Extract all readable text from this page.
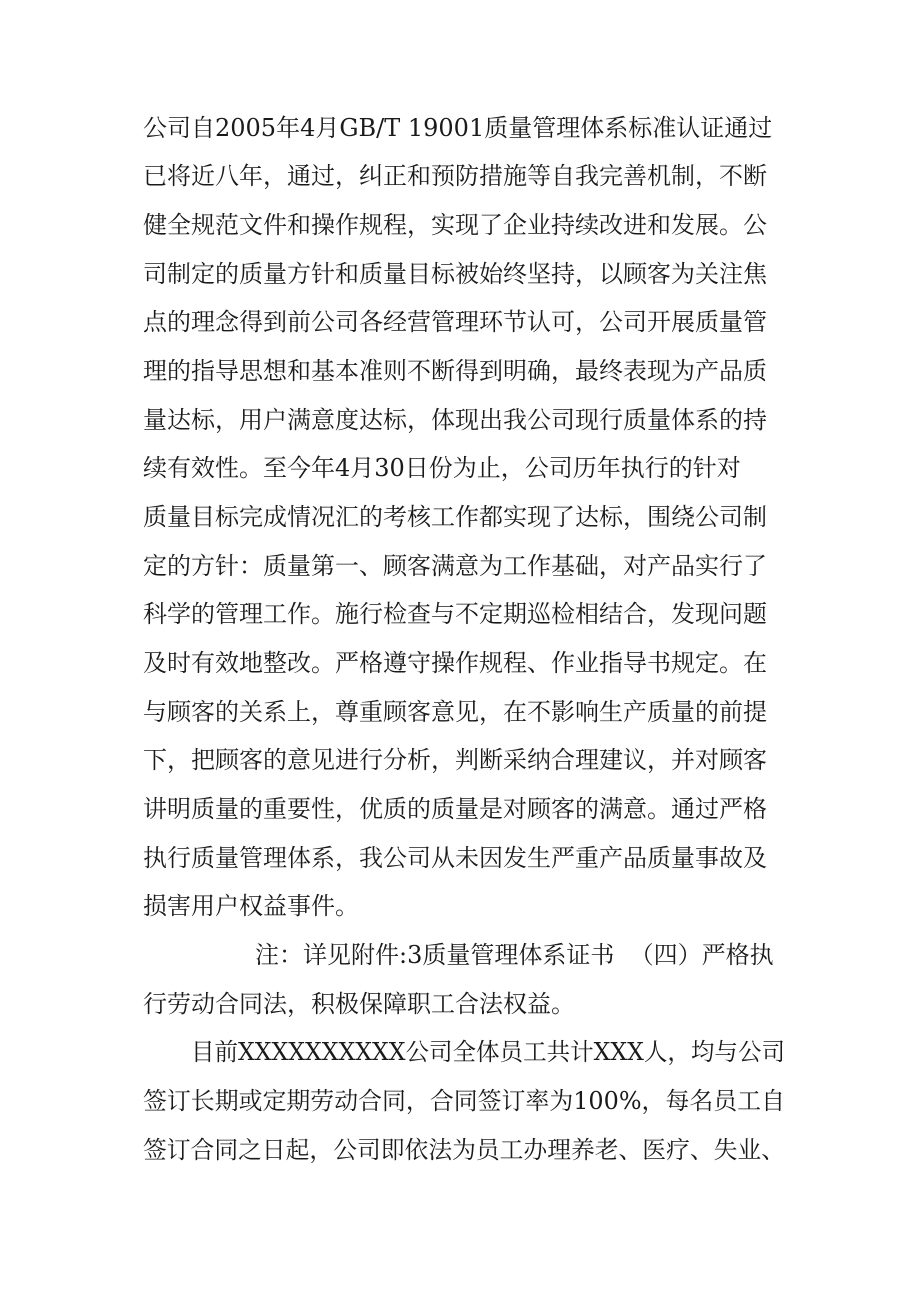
公司自2005年4月GB/T 19001质量管理体系标准认证通过
已将近八年，通过，纠正和预防措施等自我完善机制，不断
健全规范文件和操作规程，实现了企业持续改进和发展。公
司制定的质量方针和质量目标被始终坚持，以顾客为关注焦
点的理念得到前公司各经营管理环节认可，公司开展质量管
理的指导思想和基本准则不断得到明确，最终表现为产品质
量达标，用户满意度达标，体现出我公司现行质量体系的持
续有效性。至今年4月30日份为止，公司历年执行的针对
质量目标完成情况汇的考核工作都实现了达标，围绕公司制
定的方针：质量第一、顾客满意为工作基础，对产品实行了
科学的管理工作。施行检查与不定期巡检相结合，发现问题
及时有效地整改。严格遵守操作规程、作业指导书规定。在
与顾客的关系上，尊重顾客意见，在不影响生产质量的前提
下，把顾客的意见进行分析，判断采纳合理建议，并对顾客
讲明质量的重要性，优质的质量是对顾客的满意。通过严格
执行质量管理体系，我公司从未因发生严重产品质量事故及
损害用户权益事件。
注：详见附件:3质量管理体系证书  （四）严格执
行劳动合同法，积极保障职工合法权益。
目前XXXXXXXXXX公司全体员工共计XXX人，均与公司
签订长期或定期劳动合同，合同签订率为100%，每名员工自
签订合同之日起，公司即依法为员工办理养老、医疗、失业、
